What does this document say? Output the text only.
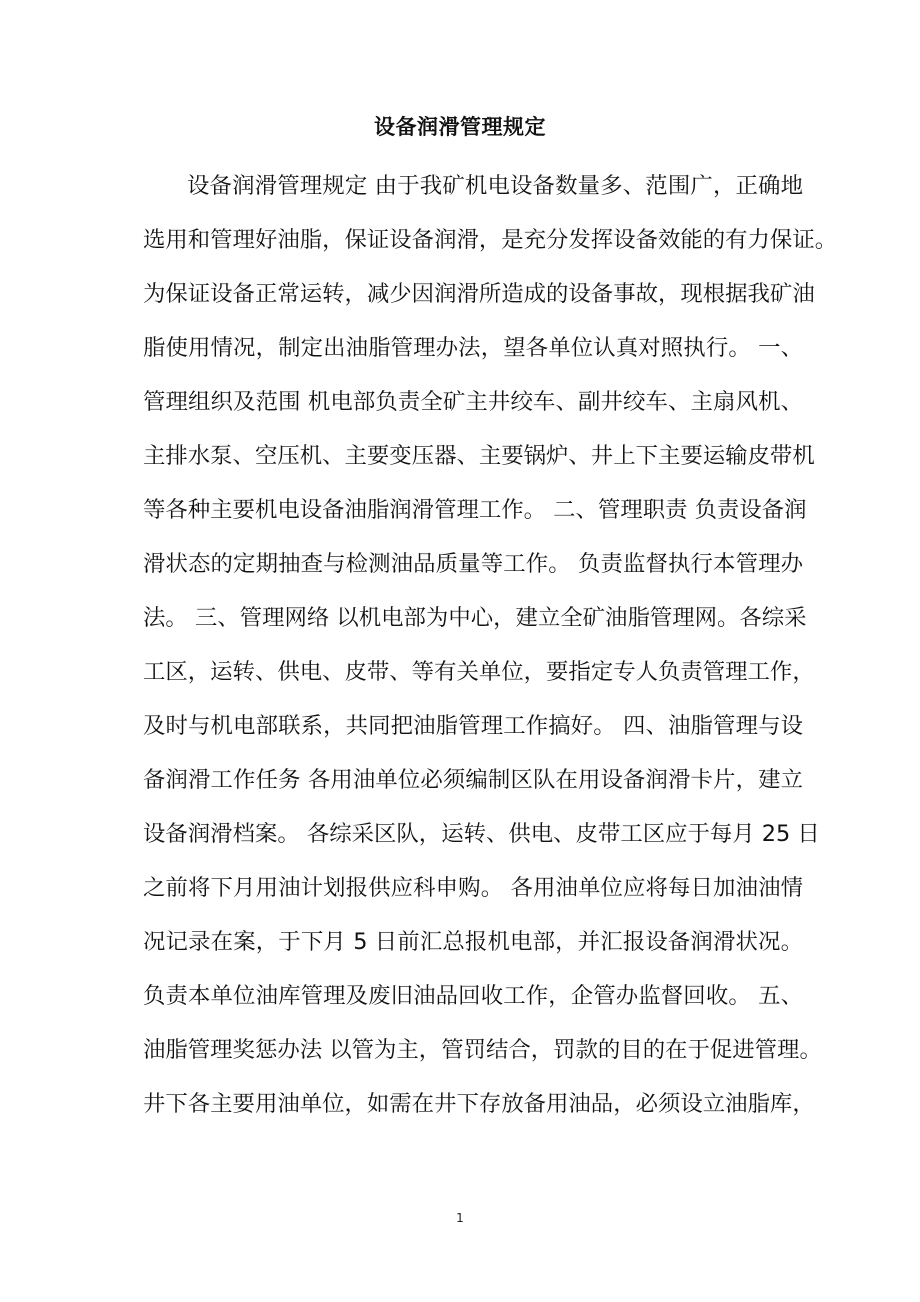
设备润滑管理规定
设备润滑管理规定 由于我矿机电设备数量多、范围广，正确地
选用和管理好油脂，保证设备润滑，是充分发挥设备效能的有力保证。
为保证设备正常运转，减少因润滑所造成的设备事故，现根据我矿油
脂使用情况，制定出油脂管理办法，望各单位认真对照执行。 一、
管理组织及范围 机电部负责全矿主井绞车、副井绞车、主扇风机、
主排水泵、空压机、主要变压器、主要锅炉、井上下主要运输皮带机
等各种主要机电设备油脂润滑管理工作。 二、管理职责 负责设备润
滑状态的定期抽查与检测油品质量等工作。 负责监督执行本管理办
法。 三、管理网络 以机电部为中心，建立全矿油脂管理网。各综采
工区，运转、供电、皮带、等有关单位，要指定专人负责管理工作，
及时与机电部联系，共同把油脂管理工作搞好。 四、油脂管理与设
备润滑工作任务 各用油单位必须编制区队在用设备润滑卡片，建立
设备润滑档案。 各综采区队，运转、供电、皮带工区应于每月 25 日
之前将下月用油计划报供应科申购。 各用油单位应将每日加油油情
况记录在案，于下月 5 日前汇总报机电部，并汇报设备润滑状况。
负责本单位油库管理及废旧油品回收工作，企管办监督回收。 五、
油脂管理奖惩办法 以管为主，管罚结合，罚款的目的在于促进管理。
井下各主要用油单位，如需在井下存放备用油品，必须设立油脂库，
1
